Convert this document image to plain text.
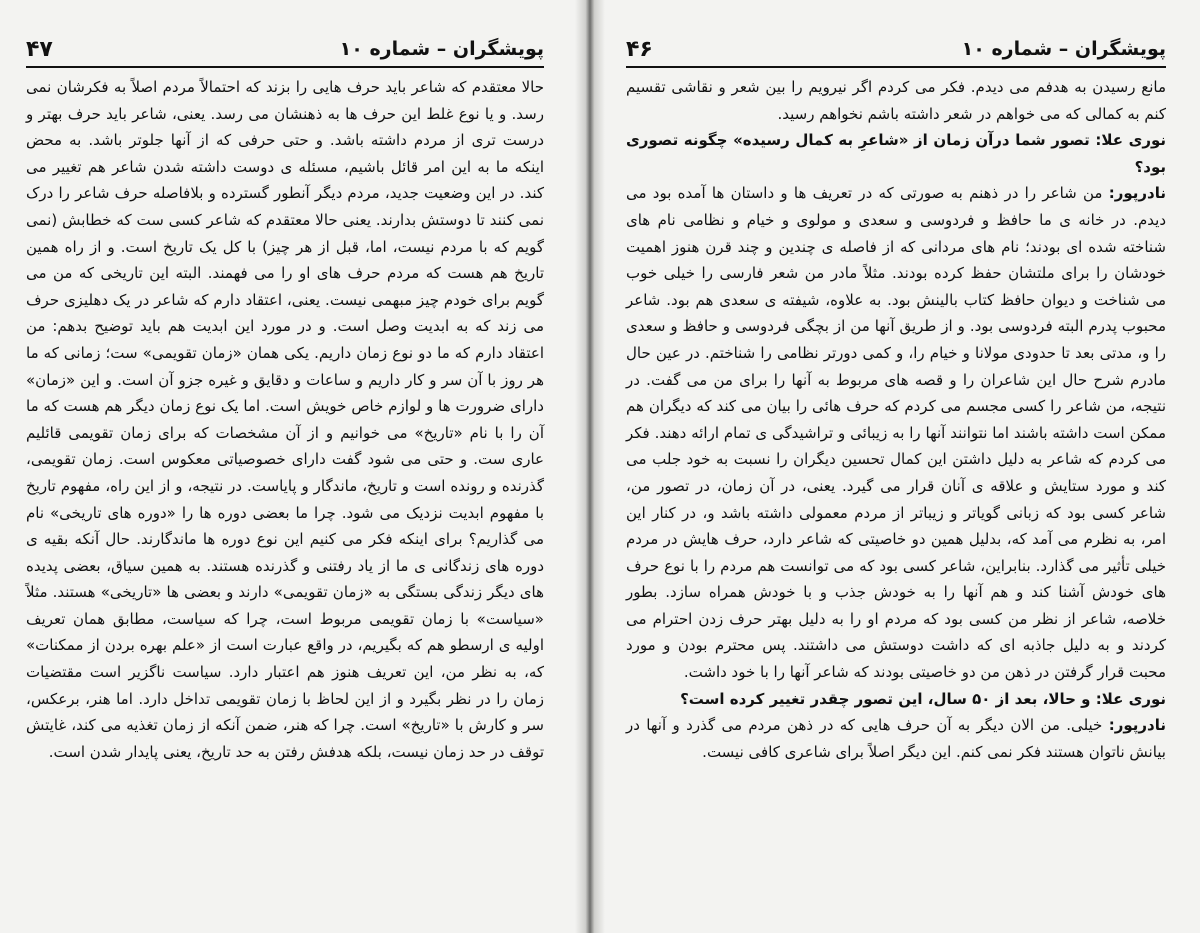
۴۷	پویشگران – شماره ۱۰

حالا معتقدم که شاعر باید حرف هایی را بزند که احتمالاً مردم اصلاً به فکرشان نمی رسد. و یا نوع غلط این حرف ها به ذهنشان می رسد. یعنی، شاعر باید حرف بهتر و درست تری از مردم داشته باشد. و حتی حرفی که از آنها جلوتر باشد. به محض اینکه ما به این امر قائل باشیم، مسئله ی دوست داشته شدن شاعر هم تغییر می کند. در این وضعیت جدید، مردم دیگر آنطور گسترده و بلافاصله حرف شاعر را درک نمی کنند تا دوستش بدارند. یعنی حالا معتقدم که شاعر کسی ست که خطابش (نمی گویم که با مردم نیست، اما، قبل از هر چیز) با کل یک تاریخ است. و از راه همین تاریخ هم هست که مردم حرف های او را می فهمند. البته این تاریخی که من می گویم برای خودم چیز مبهمی نیست. یعنی، اعتقاد دارم که شاعر در یک دهلیزی حرف می زند که به ابدیت وصل است. و در مورد این ابدیت هم باید توضیح بدهم: من اعتقاد دارم که ما دو نوع زمان داریم. یکی همان «زمان تقویمی» ست؛ زمانی که ما هر روز با آن سر و کار داریم و ساعات و دقایق و غیره جزو آن است. و این «زمان» دارای ضرورت ها و لوازم خاص خویش است. اما یک نوع زمان دیگر هم هست که ما آن را با نام «تاریخ» می خوانیم و از آن مشخصات که برای زمان تقویمی قائلیم عاری ست. و حتی می شود گفت دارای خصوصیاتی معکوس است. زمان تقویمی، گذرنده و رونده است و تاریخ، ماندگار و پایاست. در نتیجه، و از این راه، مفهوم تاریخ با مفهوم ابدیت نزدیک می شود. چرا ما بعضی دوره ها را «دوره های تاریخی» نام می گذاریم؟ برای اینکه فکر می کنیم این نوع دوره ها ماندگارند. حال آنکه بقیه ی دوره های زندگانی ی ما از یاد رفتنی و گذرنده هستند. به همین سیاق، بعضی پدیده های دیگر زندگی بستگی به «زمان تقویمی» دارند و بعضی ها «تاریخی» هستند. مثلاً «سیاست» با زمان تقویمی مربوط است، چرا که سیاست، مطابق همان تعریف اولیه ی ارسطو هم که بگیریم، در واقع عبارت است از «علم بهره بردن از ممکنات» که، به نظر من، این تعریف هنوز هم اعتبار دارد. سیاست ناگزیر است مقتضیات زمان را در نظر بگیرد و از این لحاظ با زمان تقویمی تداخل دارد. اما هنر، برعکس، سر و کارش با «تاریخ» است. چرا که هنر، ضمن آنکه از زمان تغذیه می کند، غایتش توقف در حد زمان نیست، بلکه هدفش رفتن به حد تاریخ، یعنی پایدار شدن است.

۴۶	پویشگران – شماره ۱۰

مانع رسیدن به هدفم می دیدم. فکر می کردم اگر نیرویم را بین شعر و نقاشی تقسیم کنم به کمالی که می خواهم در شعر داشته باشم نخواهم رسید.

نوری علا: تصور شما درآن زمان از «شاعرِ به کمال رسیده» چگونه تصوری بود؟

نادرپور: من شاعر را در ذهنم به صورتی که در تعریف ها و داستان ها آمده بود می دیدم. در خانه ی ما حافظ و فردوسی و سعدی و مولوی و خیام و نظامی نام های شناخته شده ای بودند؛ نام های مردانی که از فاصله ی چندین و چند قرن هنوز اهمیت خودشان را برای ملتشان حفظ کرده بودند. مثلاً مادر من شعر فارسی را خیلی خوب می شناخت و دیوان حافظ کتاب بالینش بود. به علاوه، شیفته ی سعدی هم بود. شاعر محبوب پدرم البته فردوسی بود. و از طریق آنها من از بچگی فردوسی و حافظ و سعدی را و، مدتی بعد تا حدودی مولانا و خیام را، و کمی دورتر نظامی را شناختم. در عین حال مادرم شرح حال این شاعران را و قصه های مربوط به آنها را برای من می گفت. در نتیجه، من شاعر را کسی مجسم می کردم که حرف هائی را بیان می کند که دیگران هم ممکن است داشته باشند اما نتوانند آنها را به زیبائی و تراشیدگی ی تمام ارائه دهند. فکر می کردم که شاعر به دلیل داشتن این کمال تحسین دیگران را نسبت به خود جلب می کند و مورد ستایش و علاقه ی آنان قرار می گیرد. یعنی، در آن زمان، در تصور من، شاعر کسی بود که زبانی گویاتر و زیباتر از مردم معمولی داشته باشد و، در کنار این امر، به نظرم می آمد که، بدلیل همین دو خاصیتی که شاعر دارد، حرف هایش در مردم خیلی تأثیر می گذارد. بنابراین، شاعر کسی بود که می توانست هم مردم را با نوع حرف های خودش آشنا کند و هم آنها را به خودش جذب و با خودش همراه سازد. بطور خلاصه، شاعر از نظر من کسی بود که مردم او را به دلیل بهتر حرف زدن احترام می کردند و به دلیل جاذبه ای که داشت دوستش می داشتند. پس محترم بودن و مورد محبت قرار گرفتن در ذهن من دو خاصیتی بودند که شاعر آنها را با خود داشت.

نوری علا: و حالا، بعد از ۵۰ سال، این تصور چقدر تغییر کرده است؟

نادرپور: خیلی. من الان دیگر به آن حرف هایی که در ذهن مردم می گذرد و آنها در بیانش ناتوان هستند فکر نمی کنم. این دیگر اصلاً برای شاعری کافی نیست.
